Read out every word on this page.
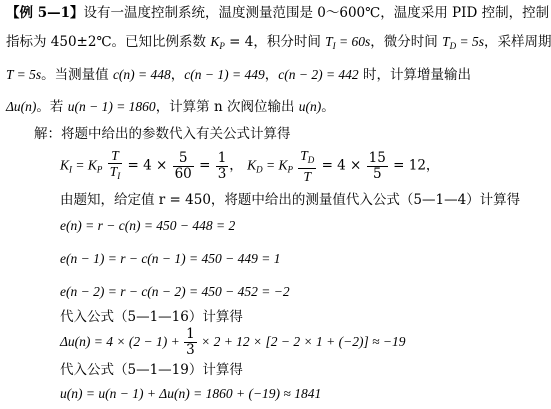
【例 5—1】设有一温度控制系统，温度测量范围是 0～600℃，温度采用 PID 控制，控制
指标为 450±2℃。已知比例系数 $K_P = 4$，积分时间 $T_I = 60s$，微分时间 $T_D = 5s$，采样周期
T = 5s。当测量值 c(n) = 448，c(n − 1) = 449，c(n − 2) = 442 时，计算增量输出
Δu(n)。若 u(n − 1) = 1860，计算第 n 次阀位输出 u(n)。
解：将题中给出的参数代入有关公式计算得
$K_I = K_P \frac{T}{T_I} = 4 \times \frac{5}{60} = \frac{1}{3}$ ， $K_D = K_P \frac{T_D}{T} = 4 \times \frac{15}{5} = 12$，
由题知，给定值 r = 450，将题中给出的测量值代入公式（5—1—4）计算得
e(n) = r − c(n) = 450 − 448 = 2
e(n − 1) = r − c(n − 1) = 450 − 449 = 1
e(n − 2) = r − c(n − 2) = 450 − 452 = −2
代入公式（5—1—16）计算得
$\Delta u(n) = 4 \times (2 - 1) + \frac{1}{3} \times 2 + 12 \times [2 - 2 \times 1 + (-2)] \approx -19$
代入公式（5—1—19）计算得
u(n) = u(n − 1) + Δu(n) = 1860 + (−19) ≈ 1841
